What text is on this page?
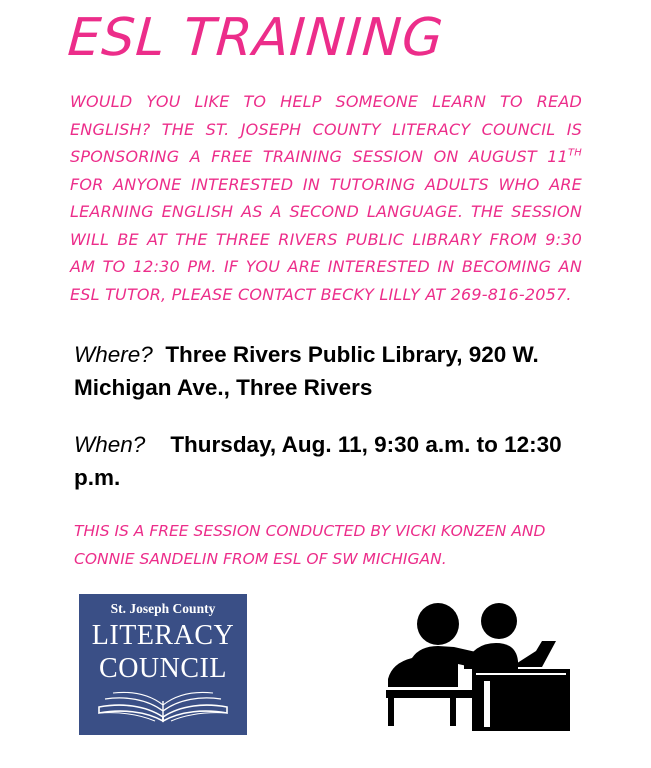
ESL TRAINING

WOULD YOU LIKE TO HELP SOMEONE LEARN TO READ ENGLISH? THE ST. JOSEPH COUNTY LITERACY COUNCIL IS SPONSORING A FREE TRAINING SESSION ON AUGUST 11TH FOR ANYONE INTERESTED IN TUTORING ADULTS WHO ARE LEARNING ENGLISH AS A SECOND LANGUAGE. THE SESSION WILL BE AT THE THREE RIVERS PUBLIC LIBRARY FROM 9:30 AM TO 12:30 PM. IF YOU ARE INTERESTED IN BECOMING AN ESL TUTOR, PLEASE CONTACT BECKY LILLY AT 269-816-2057.

Where? Three Rivers Public Library, 920 W. Michigan Ave., Three Rivers

When? Thursday, Aug. 11, 9:30 a.m. to 12:30 p.m.

THIS IS A FREE SESSION CONDUCTED BY VICKI KONZEN AND CONNIE SANDELIN FROM ESL OF SW MICHIGAN.

St. Joseph County
LITERACY
COUNCIL
